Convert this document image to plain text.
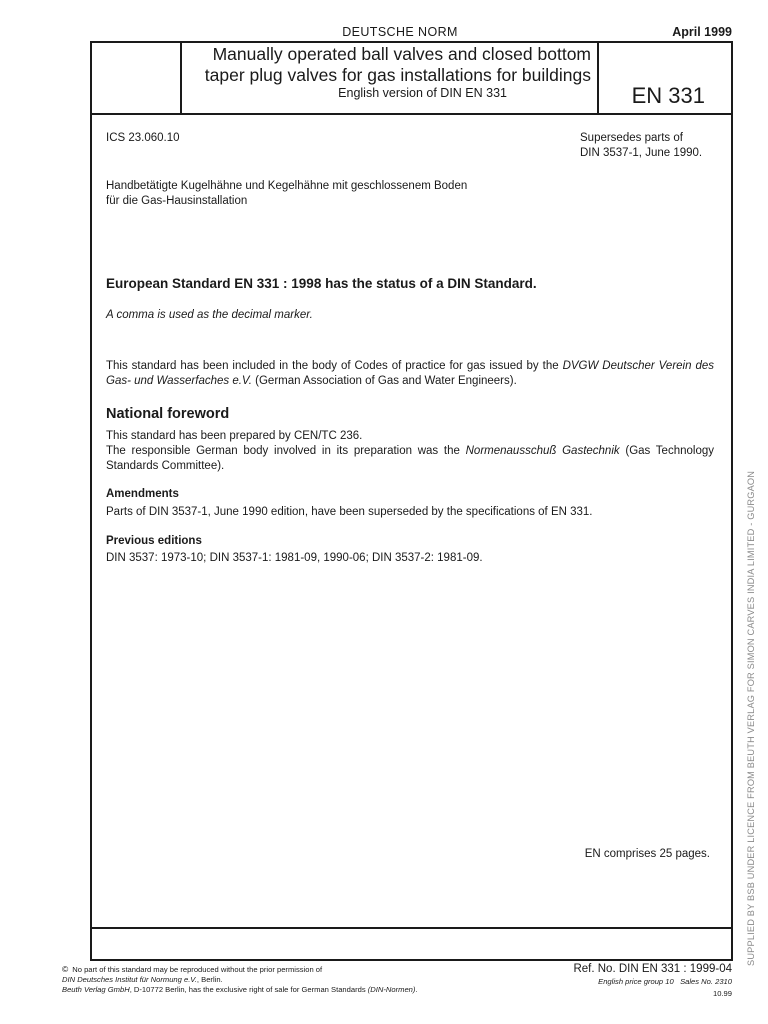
DEUTSCHE NORM	April 1999
Manually operated ball valves and closed bottom
taper plug valves for gas installations for buildings
English version of DIN EN 331	EN 331
ICS 23.060.10	Supersedes parts of
DIN 3537-1, June 1990.
Handbetätigte Kugelhähne und Kegelhähne mit geschlossenem Boden
für die Gas-Hausinstallation
European Standard EN 331 : 1998 has the status of a DIN Standard.
A comma is used as the decimal marker.
This standard has been included in the body of Codes of practice for gas issued by the DVGW Deutscher Verein des Gas- und Wasserfaches e.V. (German Association of Gas and Water Engineers).
National foreword
This standard has been prepared by CEN/TC 236.
The responsible German body involved in its preparation was the Normenausschuß Gastechnik (Gas Technology Standards Committee).
Amendments
Parts of DIN 3537-1, June 1990 edition, have been superseded by the specifications of EN 331.
Previous editions
DIN 3537: 1973-10; DIN 3537-1: 1981-09, 1990-06; DIN 3537-2: 1981-09.
EN comprises 25 pages.
© No part of this standard may be reproduced without the prior permission of
DIN Deutsches Institut für Normung e.V., Berlin.
Beuth Verlag GmbH, D-10772 Berlin, has the exclusive right of sale for German Standards (DIN-Normen).
Ref. No. DIN EN 331 : 1999-04
English price group 10 Sales No. 2310
10.99
SUPPLIED BY BSB UNDER LICENCE FROM BEUTH VERLAG FOR SIMON CARVES INDIA LIMITED - GURGAON
